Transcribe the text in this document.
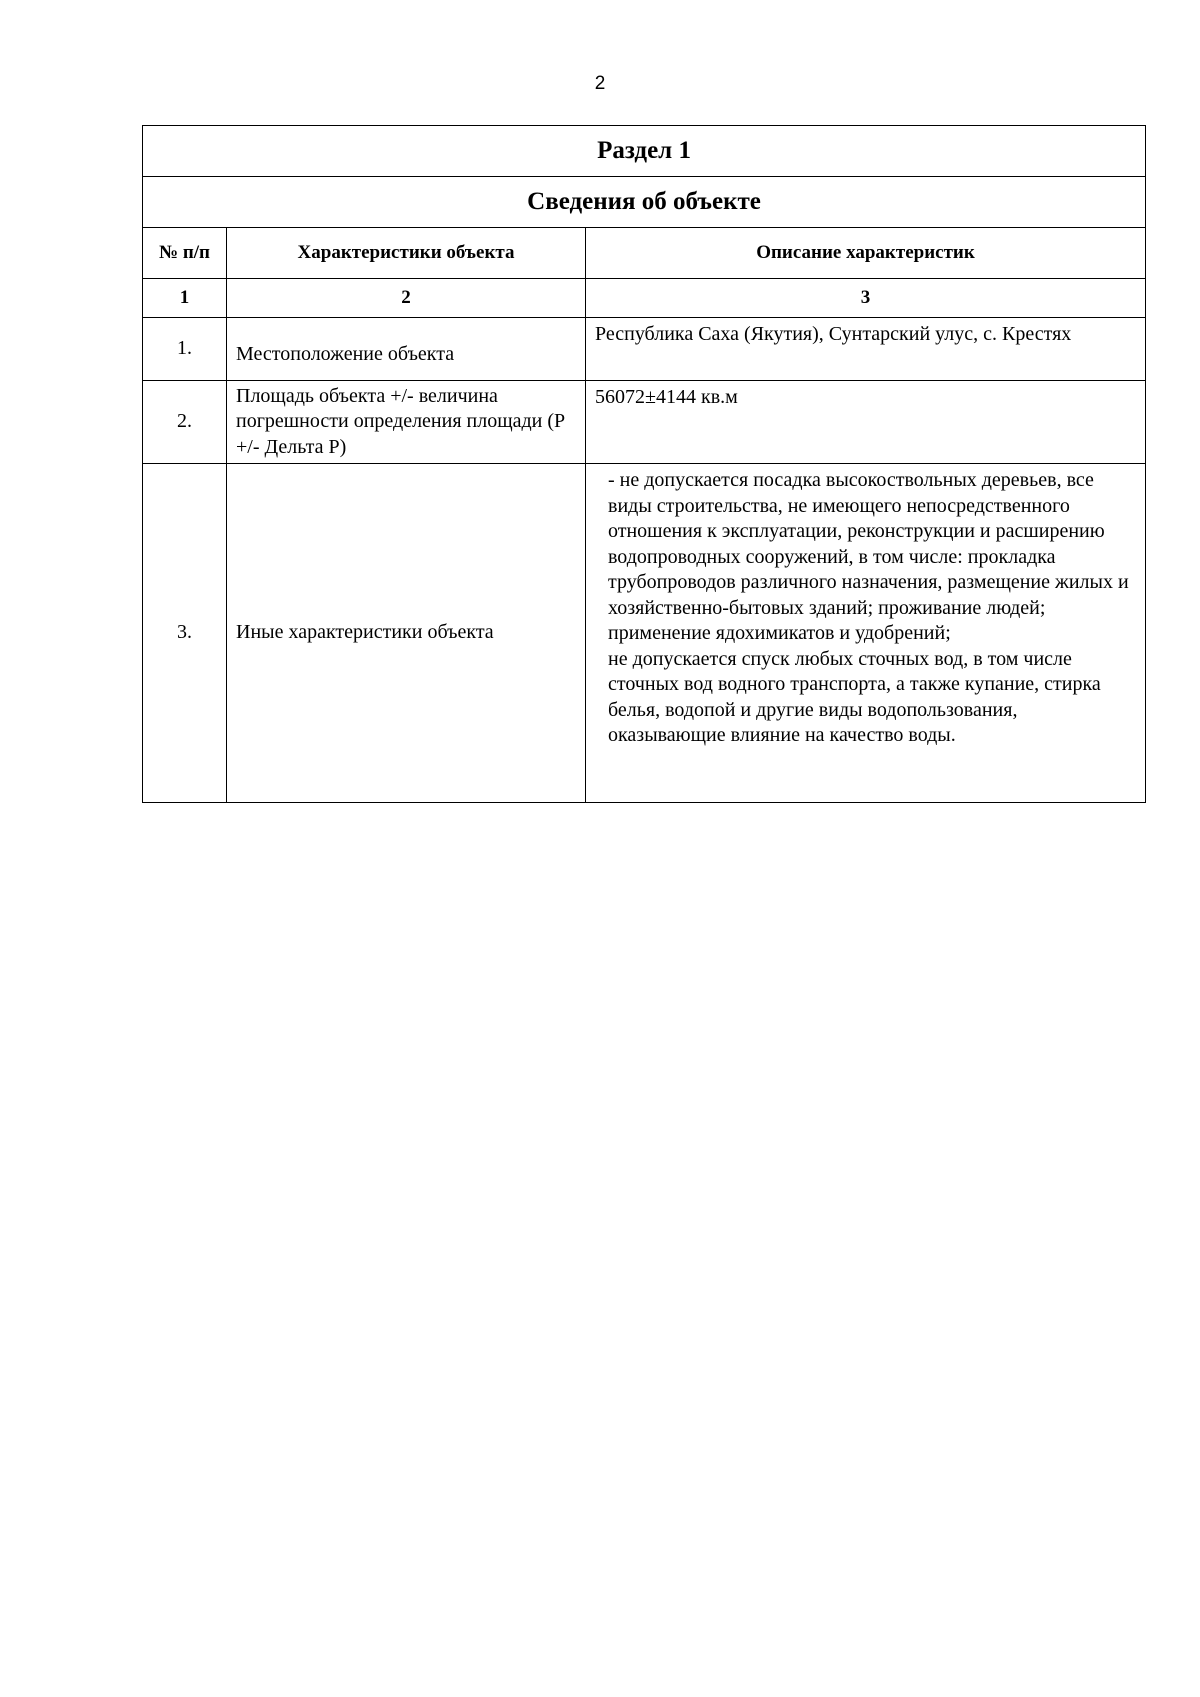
2
Раздел 1		
Сведения об объекте		
№ п/п	Характеристики объекта	Описание характеристик
1	2	3
1.	Местоположение объекта	Республика Саха (Якутия), Сунтарский улус, с. Крестях

2.	Площадь объекта +/- величина погрешности определения площади (P +/- Дельта P)	56072±4144 кв.м

3.	Иные характеристики объекта	- не допускается посадка высокоствольных деревьев, все виды строительства, не имеющего непосредственного отношения к эксплуатации, реконструкции и расширению водопроводных сооружений, в том числе: прокладка трубопроводов различного назначения, размещение жилых и хозяйственно-бытовых зданий; проживание людей; применение ядохимикатов и удобрений;
не допускается спуск любых сточных вод, в том числе сточных вод водного транспорта, а также купание, стирка белья, водопой и другие виды водопользования, оказывающие влияние на качество воды.
